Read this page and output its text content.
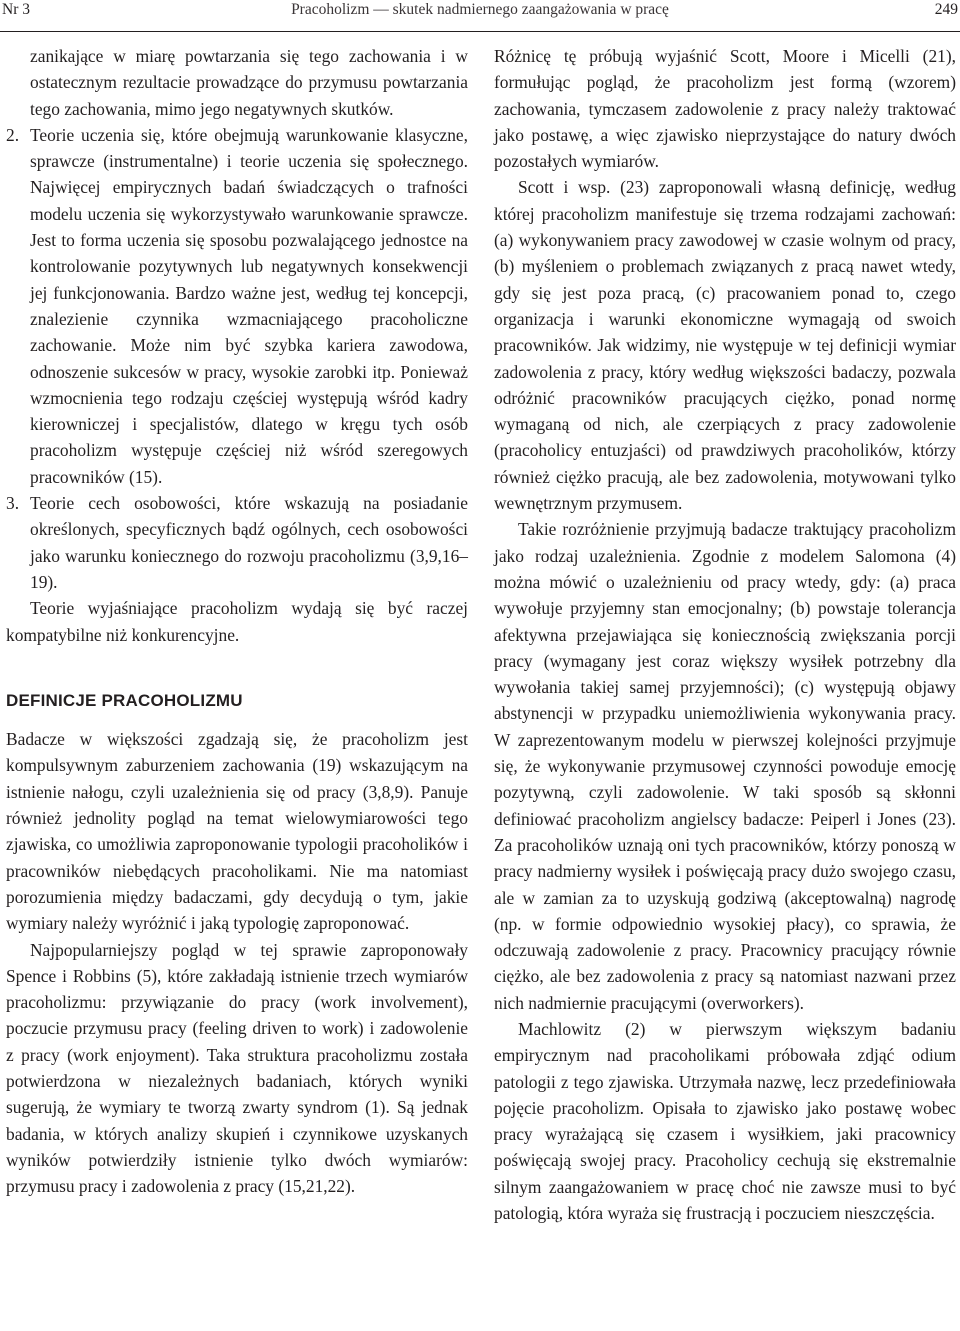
Nr 3	Pracoholizm — skutek nadmiernego zaangażowania w pracę	249

zanikające w miarę powtarzania się tego zachowania i w ostatecznym rezultacie prowadzące do przymusu powtarzania tego zachowania, mimo jego negatywnych skutków.

2. Teorie uczenia się, które obejmują warunkowanie klasyczne, sprawcze (instrumentalne) i teorie uczenia się społecznego. Najwięcej empirycznych badań świadczących o trafności modelu uczenia się wykorzystywało warunkowanie sprawcze. Jest to forma uczenia się sposobu pozwalającego jednostce na kontrolowanie pozytywnych lub negatywnych konsekwencji jej funkcjonowania. Bardzo ważne jest, według tej koncepcji, znalezienie czynnika wzmacniającego pracoholiczne zachowanie. Może nim być szybka kariera zawodowa, odnoszenie sukcesów w pracy, wysokie zarobki itp. Ponieważ wzmocnienia tego rodzaju częściej występują wśród kadry kierowniczej i specjalistów, dlatego w kręgu tych osób pracoholizm występuje częściej niż wśród szeregowych pracowników (15).

3. Teorie cech osobowości, które wskazują na posiadanie określonych, specyficznych bądź ogólnych, cech osobowości jako warunku koniecznego do rozwoju pracoholizmu (3,9,16–19).

Teorie wyjaśniające pracoholizm wydają się być raczej kompatybilne niż konkurencyjne.

DEFINICJE PRACOHOLIZMU

Badacze w większości zgadzają się, że pracoholizm jest kompulsywnym zaburzeniem zachowania (19) wskazującym na istnienie nałogu, czyli uzależnienia się od pracy (3,8,9). Panuje również jednolity pogląd na temat wielowymiarowości tego zjawiska, co umożliwia zaproponowanie typologii pracoholików i pracowników niebędących pracoholikami. Nie ma natomiast porozumienia między badaczami, gdy decydują o tym, jakie wymiary należy wyróżnić i jaką typologię zaproponować.

Najpopularniejszy pogląd w tej sprawie zaproponowały Spence i Robbins (5), które zakładają istnienie trzech wymiarów pracoholizmu: przywiązanie do pracy (work involvement), poczucie przymusu pracy (feeling driven to work) i zadowolenie z pracy (work enjoyment). Taka struktura pracoholizmu została potwierdzona w niezależnych badaniach, których wyniki sugerują, że wymiary te tworzą zwarty syndrom (1). Są jednak badania, w których analizy skupień i czynnikowe uzyskanych wyników potwierdziły istnienie tylko dwóch wymiarów: przymusu pracy i zadowolenia z pracy (15,21,22).

Różnicę tę próbują wyjaśnić Scott, Moore i Micelli (21), formułując pogląd, że pracoholizm jest formą (wzorem) zachowania, tymczasem zadowolenie z pracy należy traktować jako postawę, a więc zjawisko nieprzystające do natury dwóch pozostałych wymiarów.

Scott i wsp. (23) zaproponowali własną definicję, według której pracoholizm manifestuje się trzema rodzajami zachowań: (a) wykonywaniem pracy zawodowej w czasie wolnym od pracy, (b) myśleniem o problemach związanych z pracą nawet wtedy, gdy się jest poza pracą, (c) pracowaniem ponad to, czego organizacja i warunki ekonomiczne wymagają od swoich pracowników. Jak widzimy, nie występuje w tej definicji wymiar zadowolenia z pracy, który według większości badaczy, pozwala odróżnić pracowników pracujących ciężko, ponad normę wymaganą od nich, ale czerpiących z pracy zadowolenie (pracoholicy entuzjaści) od prawdziwych pracoholików, którzy również ciężko pracują, ale bez zadowolenia, motywowani tylko wewnętrznym przymusem.

Takie rozróżnienie przyjmują badacze traktujący pracoholizm jako rodzaj uzależnienia. Zgodnie z modelem Salomona (4) można mówić o uzależnieniu od pracy wtedy, gdy: (a) praca wywołuje przyjemny stan emocjonalny; (b) powstaje tolerancja afektywna przejawiająca się koniecznością zwiększania porcji pracy (wymagany jest coraz większy wysiłek potrzebny dla wywołania takiej samej przyjemności); (c) występują objawy abstynencji w przypadku uniemożliwienia wykonywania pracy. W zaprezentowanym modelu w pierwszej kolejności przyjmuje się, że wykonywanie przymusowej czynności powoduje emocję pozytywną, czyli zadowolenie. W taki sposób są skłonni definiować pracoholizm angielscy badacze: Peiperl i Jones (23). Za pracoholików uznają oni tych pracowników, którzy ponoszą w pracy nadmierny wysiłek i poświęcają pracy dużo swojego czasu, ale w zamian za to uzyskują godziwą (akceptowalną) nagrodę (np. w formie odpowiednio wysokiej płacy), co sprawia, że odczuwają zadowolenie z pracy. Pracownicy pracujący równie ciężko, ale bez zadowolenia z pracy są natomiast nazwani przez nich nadmiernie pracującymi (overworkers).

Machlowitz (2) w pierwszym większym badaniu empirycznym nad pracoholikami próbowała zdjąć odium patologii z tego zjawiska. Utrzymała nazwę, lecz przedefiniowała pojęcie pracoholizm. Opisała to zjawisko jako postawę wobec pracy wyrażającą się czasem i wysiłkiem, jaki pracownicy poświęcają swojej pracy. Pracoholicy cechują się ekstremalnie silnym zaangażowaniem w pracę choć nie zawsze musi to być patologią, która wyraża się frustracją i poczuciem nieszczęścia.
